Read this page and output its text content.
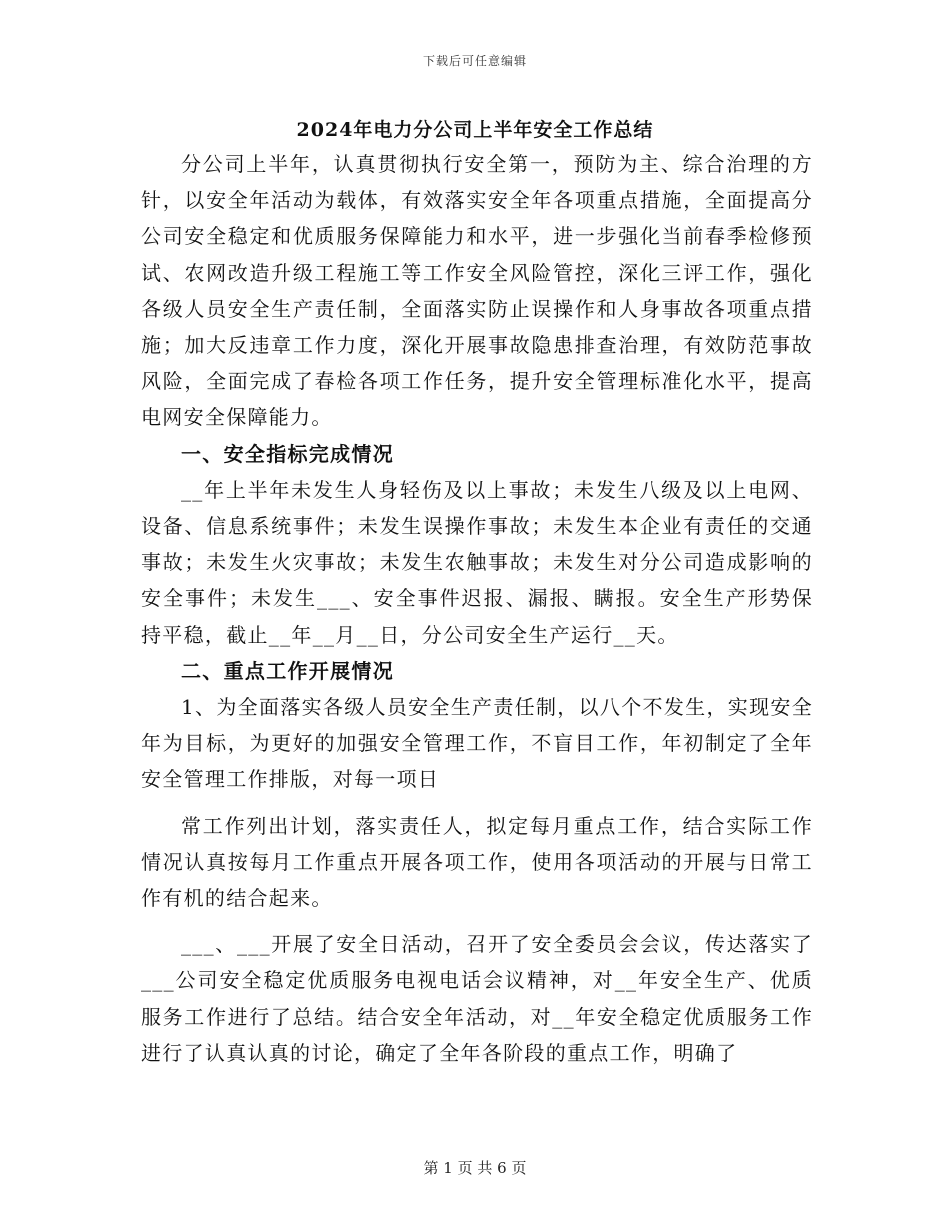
下载后可任意编辑
2024年电力分公司上半年安全工作总结

分公司上半年，认真贯彻执行安全第一，预防为主、综合治理的方针，以安全年活动为载体，有效落实安全年各项重点措施，全面提高分公司安全稳定和优质服务保障能力和水平，进一步强化当前春季检修预试、农网改造升级工程施工等工作安全风险管控，深化三评工作，强化各级人员安全生产责任制，全面落实防止误操作和人身事故各项重点措施；加大反违章工作力度，深化开展事故隐患排查治理，有效防范事故风险，全面完成了春检各项工作任务，提升安全管理标准化水平，提高电网安全保障能力。

一、安全指标完成情况

__年上半年未发生人身轻伤及以上事故；未发生八级及以上电网、设备、信息系统事件；未发生误操作事故；未发生本企业有责任的交通事故；未发生火灾事故；未发生农触事故；未发生对分公司造成影响的安全事件；未发生___、安全事件迟报、漏报、瞒报。安全生产形势保持平稳，截止__年__月__日，分公司安全生产运行__天。

二、重点工作开展情况

1、为全面落实各级人员安全生产责任制，以八个不发生，实现安全年为目标，为更好的加强安全管理工作，不盲目工作，年初制定了全年安全管理工作排版，对每一项日

常工作列出计划，落实责任人，拟定每月重点工作，结合实际工作情况认真按每月工作重点开展各项工作，使用各项活动的开展与日常工作有机的结合起来。

___、___开展了安全日活动，召开了安全委员会会议，传达落实了___公司安全稳定优质服务电视电话会议精神，对__年安全生产、优质服务工作进行了总结。结合安全年活动，对__年安全稳定优质服务工作进行了认真认真的讨论，确定了全年各阶段的重点工作，明确了

第 1 页 共 6 页
